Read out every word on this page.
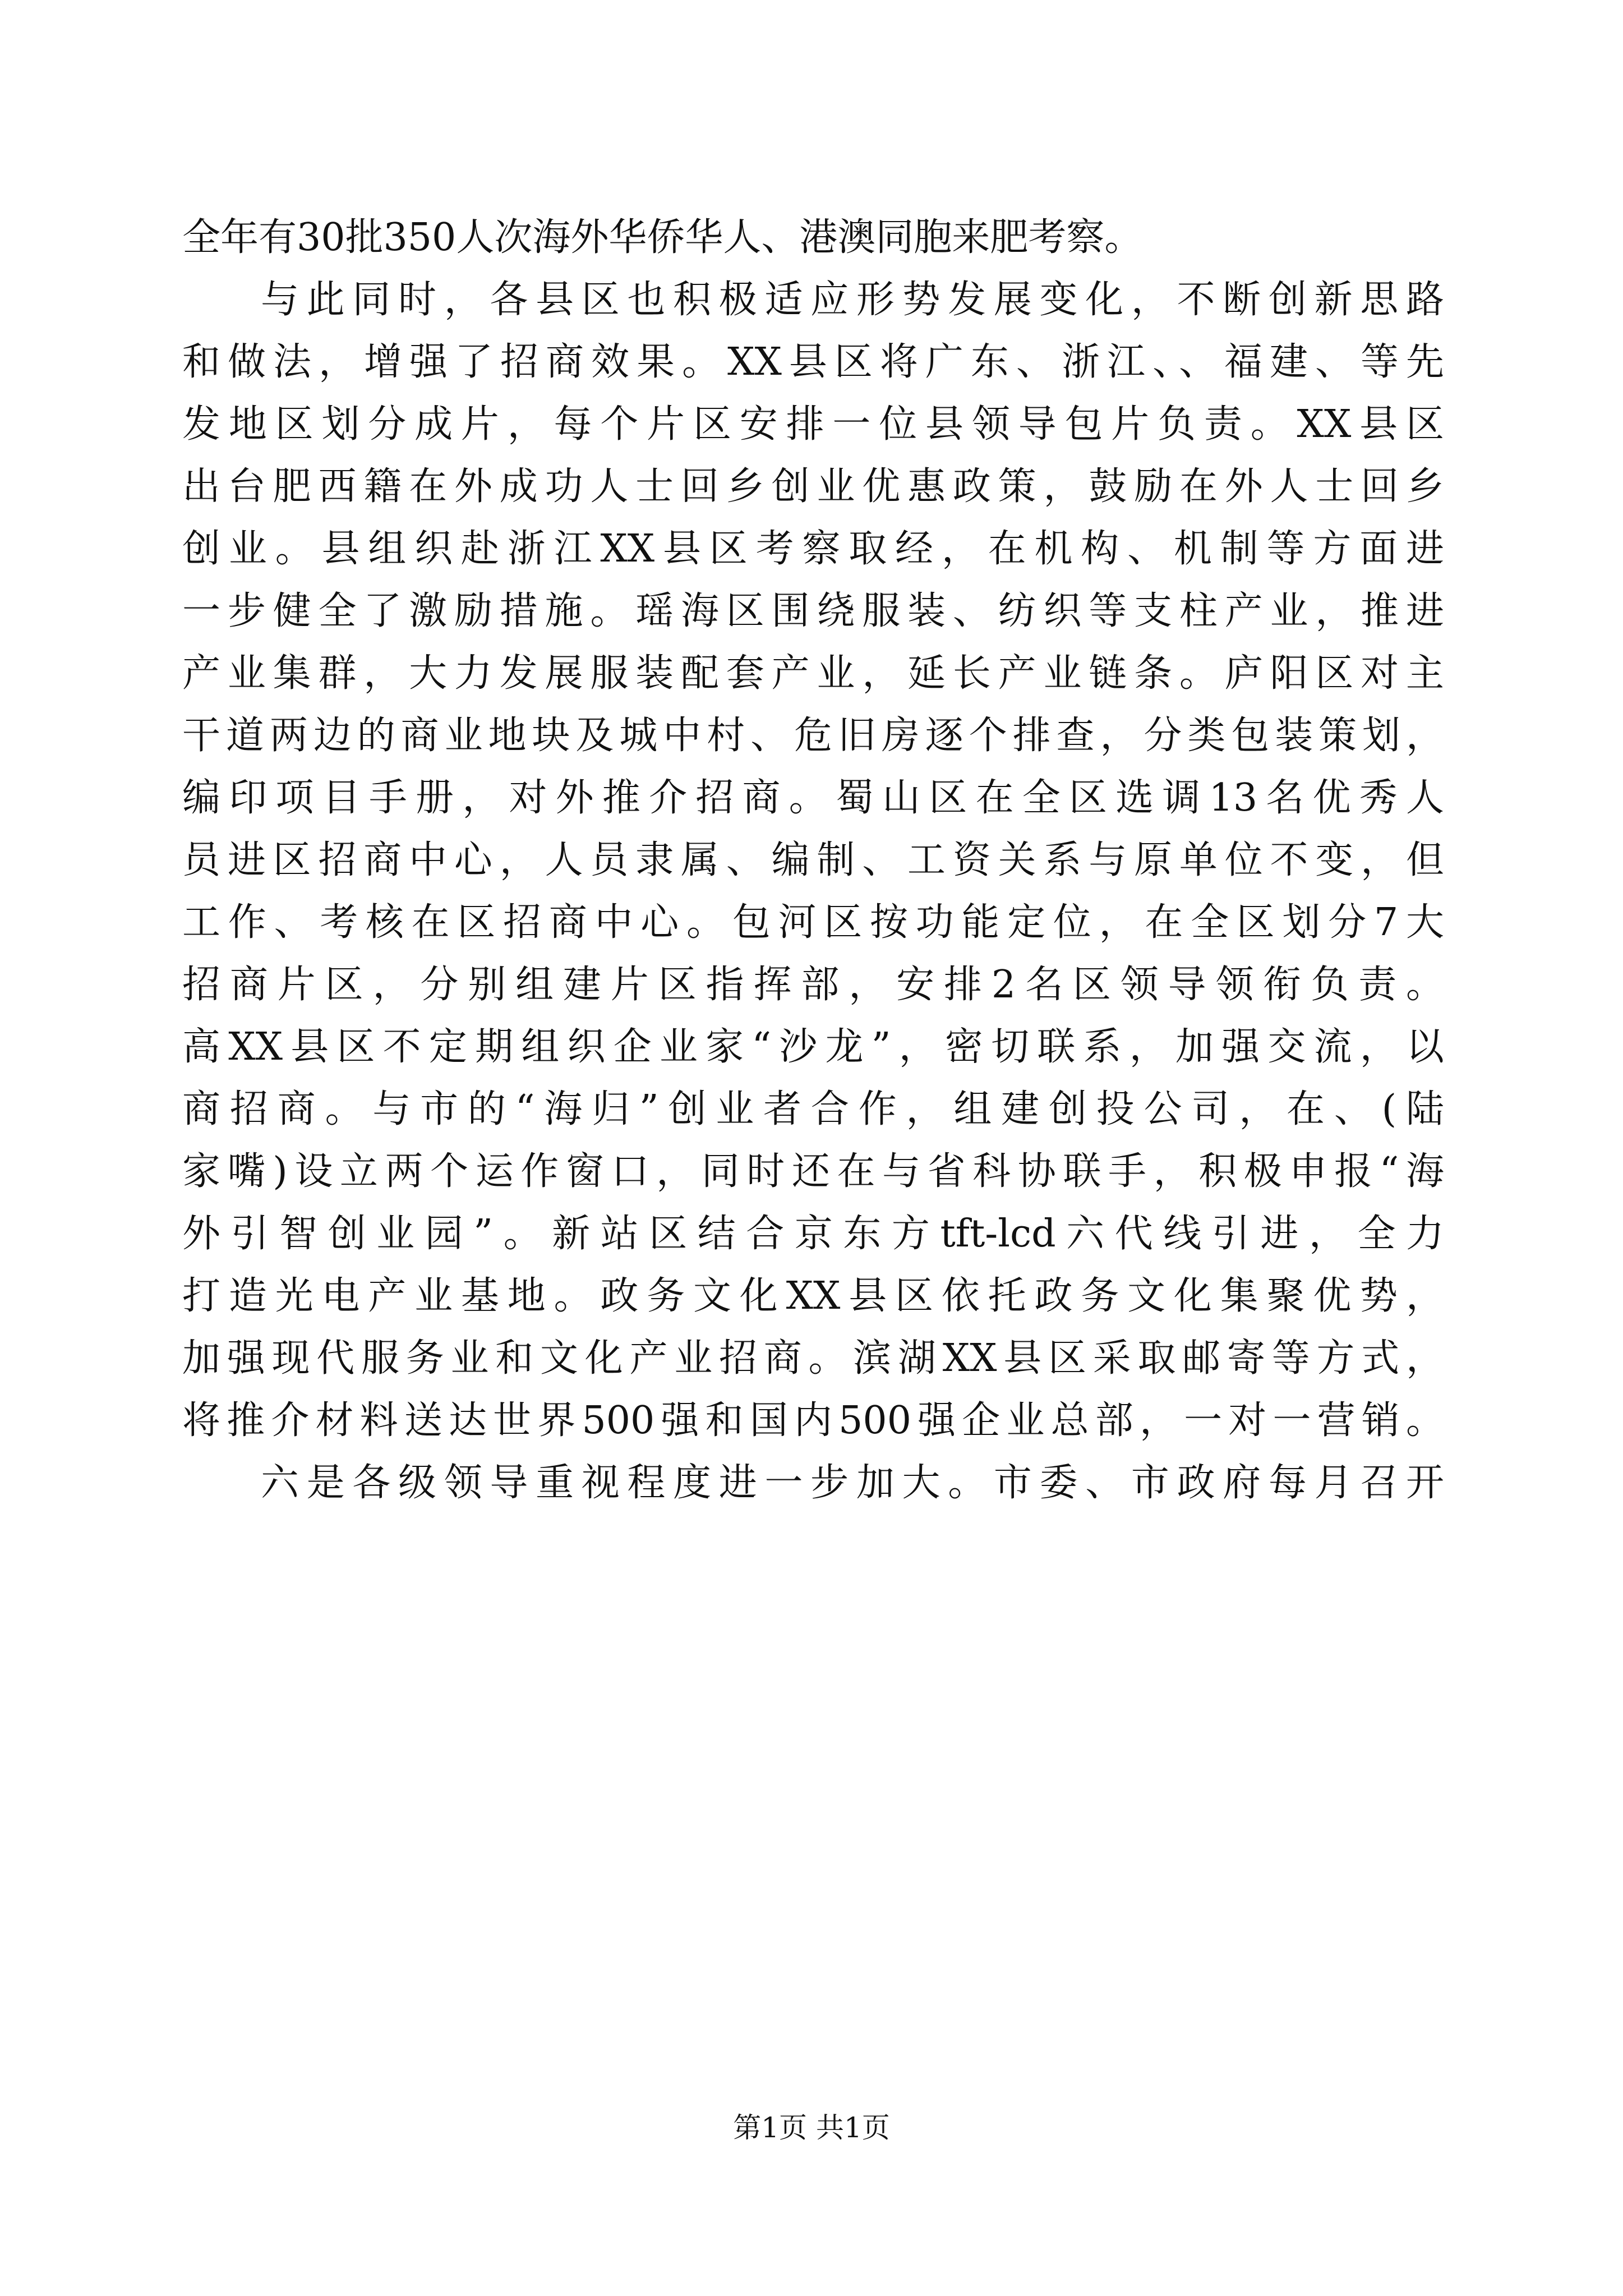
全年有30批350人次海外华侨华人、港澳同胞来肥考察。
与此同时，各县区也积极适应形势发展变化，不断创新思路
和做法，增强了招商效果。XX县区将广东、浙江、、福建、等先
发地区划分成片，每个片区安排一位县领导包片负责。XX县区
出台肥西籍在外成功人士回乡创业优惠政策，鼓励在外人士回乡
创业。县组织赴浙江XX县区考察取经，在机构、机制等方面进
一步健全了激励措施。瑶海区围绕服装、纺织等支柱产业，推进
产业集群，大力发展服装配套产业，延长产业链条。庐阳区对主
干道两边的商业地块及城中村、危旧房逐个排查，分类包装策划，
编印项目手册，对外推介招商。蜀山区在全区选调13名优秀人
员进区招商中心，人员隶属、编制、工资关系与原单位不变，但
工作、考核在区招商中心。包河区按功能定位，在全区划分7大
招商片区，分别组建片区指挥部，安排2名区领导领衔负责。
高XX县区不定期组织企业家“沙龙”，密切联系，加强交流，以
商招商。与市的“海归”创业者合作，组建创投公司，在、(陆
家嘴)设立两个运作窗口，同时还在与省科协联手，积极申报“海
外引智创业园”。新站区结合京东方tft-lcd六代线引进，全力
打造光电产业基地。政务文化XX县区依托政务文化集聚优势，
加强现代服务业和文化产业招商。滨湖XX县区采取邮寄等方式，
将推介材料送达世界500强和国内500强企业总部，一对一营销。
六是各级领导重视程度进一步加大。市委、市政府每月召开
第1页 共1页
